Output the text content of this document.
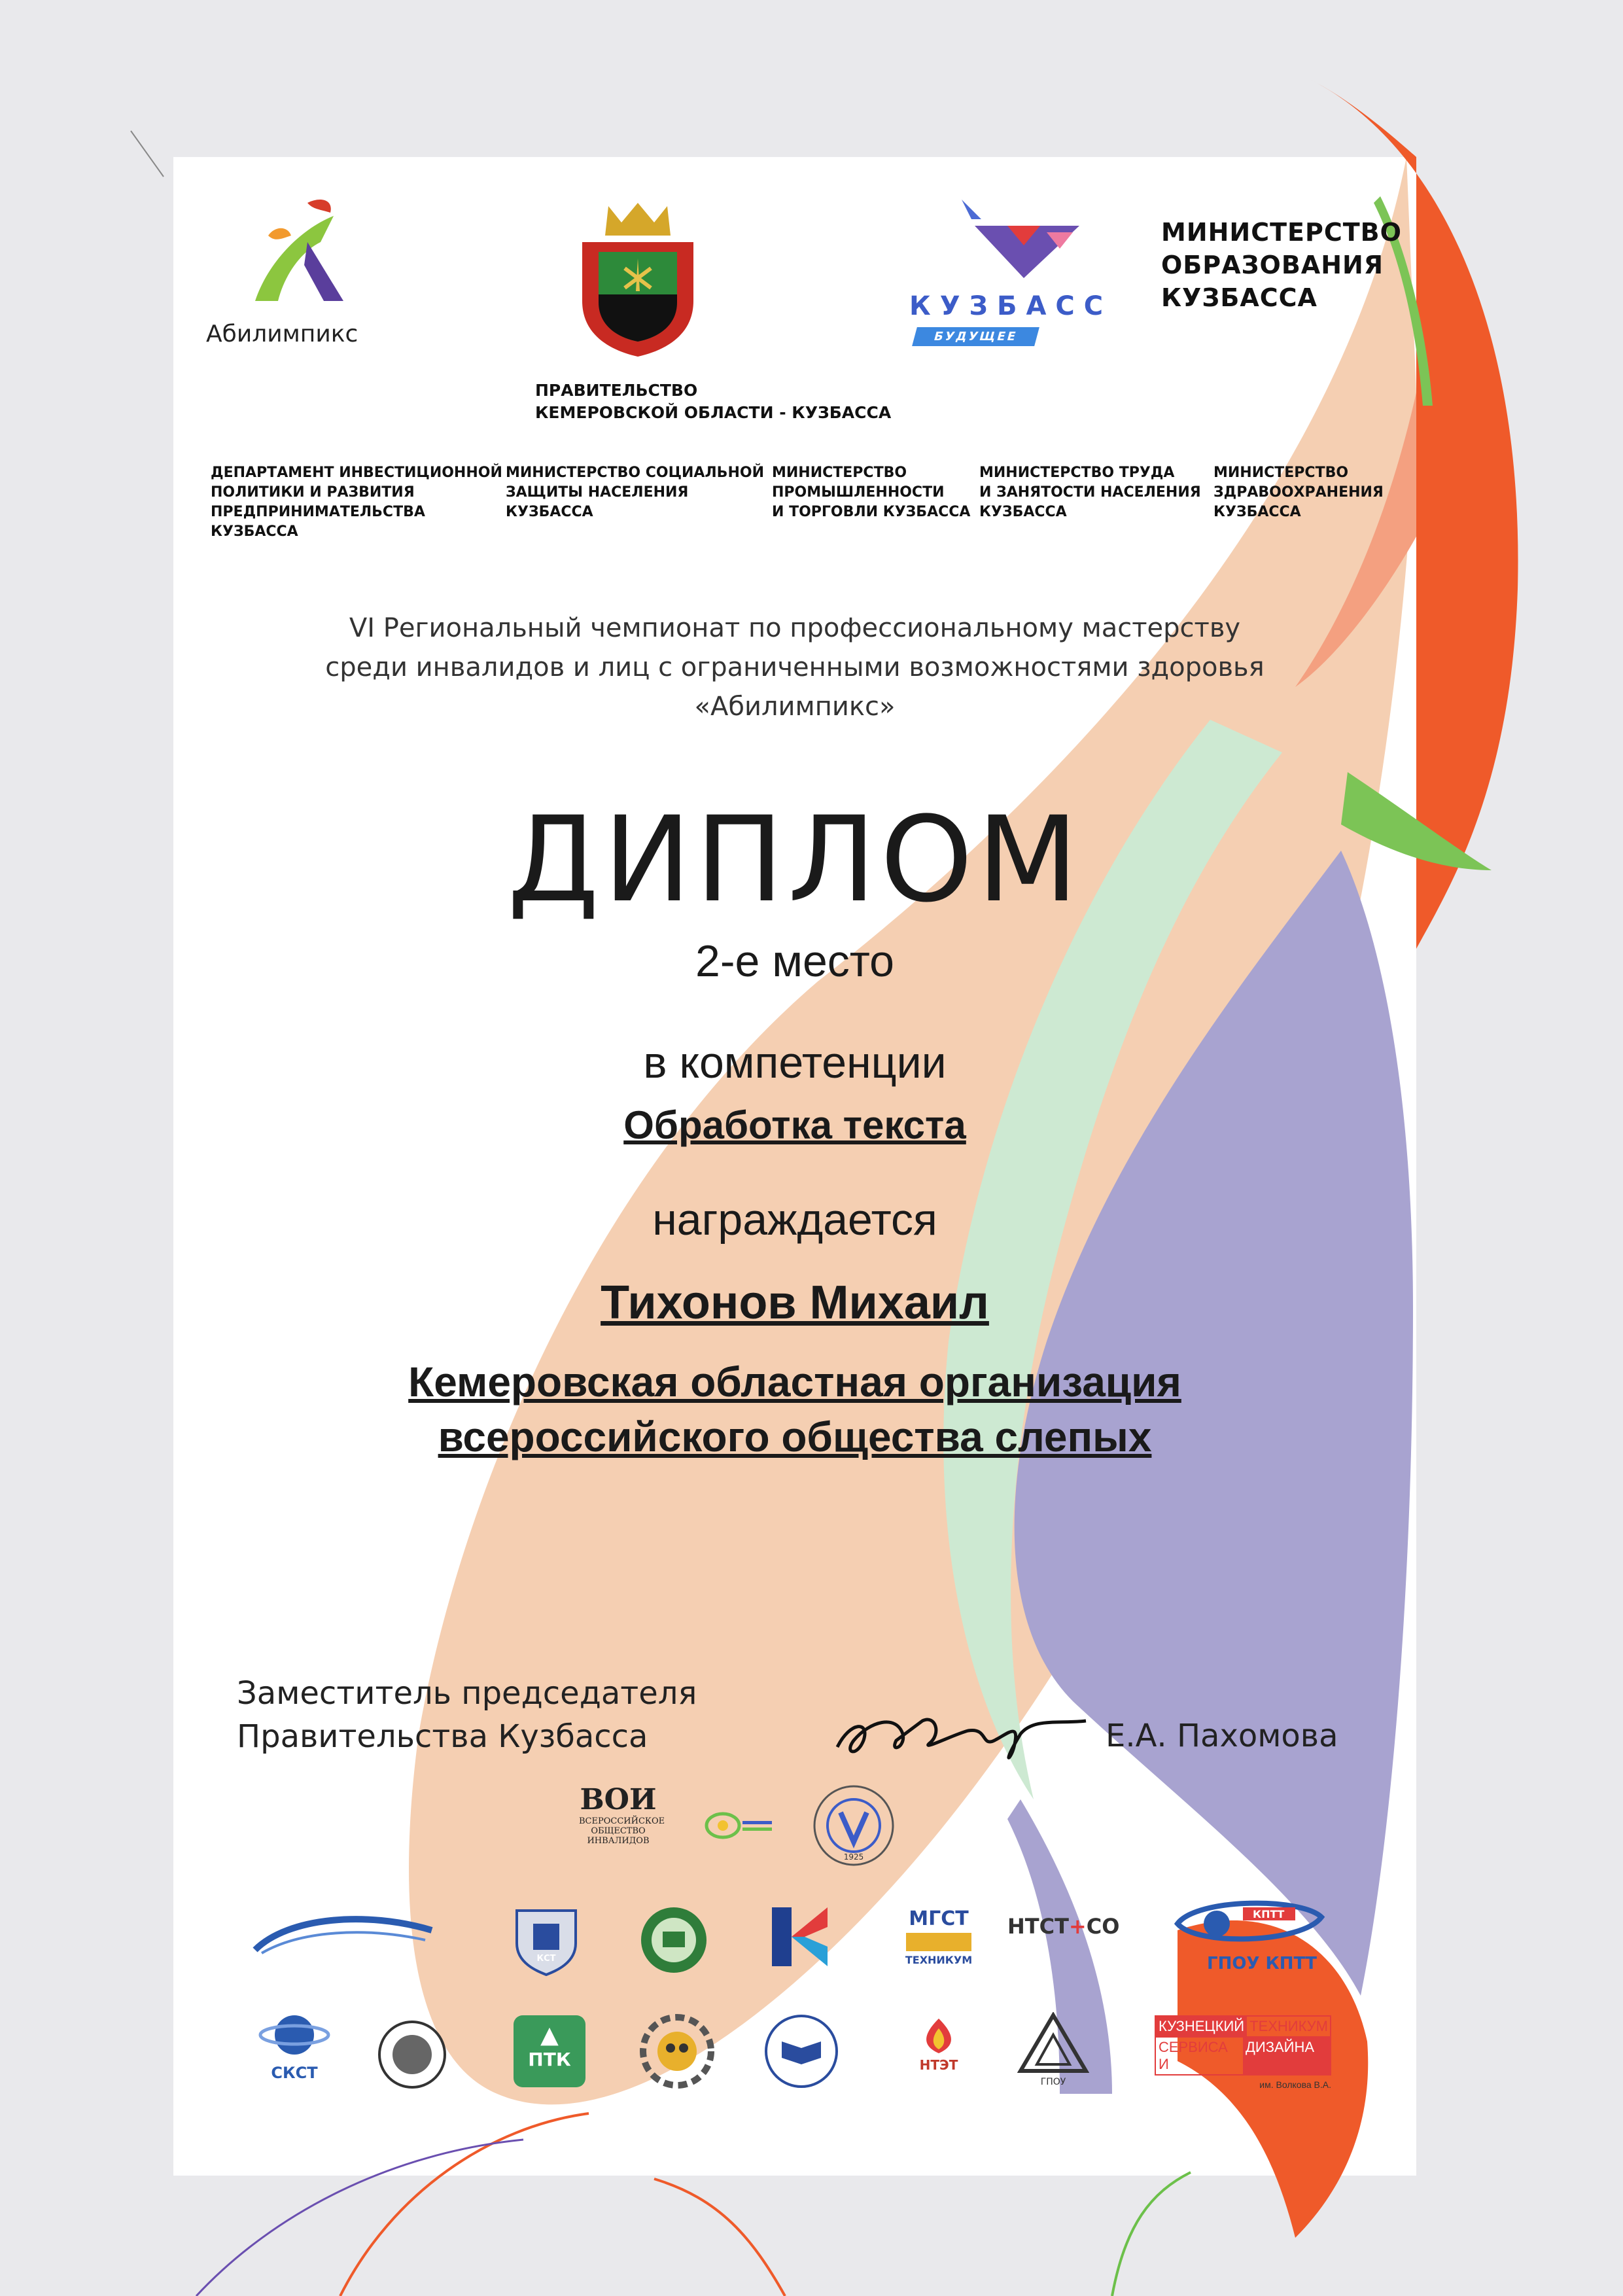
Абилимпикс
ПРАВИТЕЛЬСТВО
КЕМЕРОВСКОЙ ОБЛАСТИ - КУЗБАССА
КУЗБАСС
БУДУЩЕЕ
МИНИСТЕРСТВО
ОБРАЗОВАНИЯ
КУЗБАССА
ДЕПАРТАМЕНТ ИНВЕСТИЦИОННОЙ
ПОЛИТИКИ И РАЗВИТИЯ
ПРЕДПРИНИМАТЕЛЬСТВА
КУЗБАССА
МИНИСТЕРСТВО СОЦИАЛЬНОЙ
ЗАЩИТЫ НАСЕЛЕНИЯ
КУЗБАССА
МИНИСТЕРСТВО
ПРОМЫШЛЕННОСТИ
И ТОРГОВЛИ КУЗБАССА
МИНИСТЕРСТВО ТРУДА
И ЗАНЯТОСТИ НАСЕЛЕНИЯ
КУЗБАССА
МИНИСТЕРСТВО
ЗДРАВООХРАНЕНИЯ
КУЗБАССА
VI Региональный чемпионат по профессиональному мастерству
среди инвалидов и лиц с ограниченными возможностями здоровья
«Абилимпикс»
ДИПЛОМ
2-е место
в компетенции
Обработка текста
награждается
Тихонов Михаил
Кемеровская областная организация
всероссийского общества слепых
Заместитель председателя
Правительства Кузбасса	Е.А. Пахомова
ВОИ
ВСЕРОССИЙСКОЕ
ОБЩЕСТВО
ИНВАЛИДОВ
1925
КСТ
МГСТ
ТЕХНИКУМ
НТСТ+СО	КПТТ
ГПОУ КПТТ
СКСТ
▲
ПТК	НТЭТ
ГПОУ
КУЗНЕЦКИЙ ТЕХНИКУМ
СЕРВИСА И
ДИЗАЙНА
им. Волкова В.А.
